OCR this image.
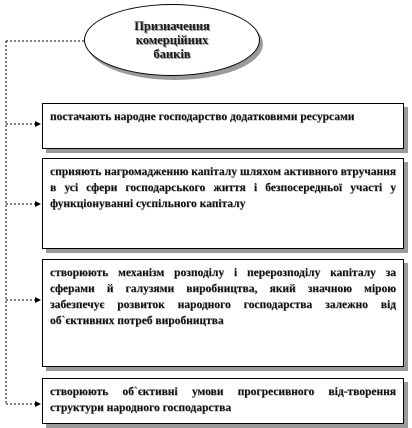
Призначення комерційних банків
постачають народне господарство додатковими ресурсами
сприяють нагромадженню капіталу шляхом активного втручання в усі сфери господарського життя і безпосередньої участі у функціонуванні суспільного капіталу
створюють механізм розподілу і перерозподілу капіталу за сферами й галузями виробництва, який значною мірою забезпечує розвиток народного господарства залежно від об`єктивних потреб виробництва
створюють об`єктивні умови прогресивного від-творення структури народного господарства
